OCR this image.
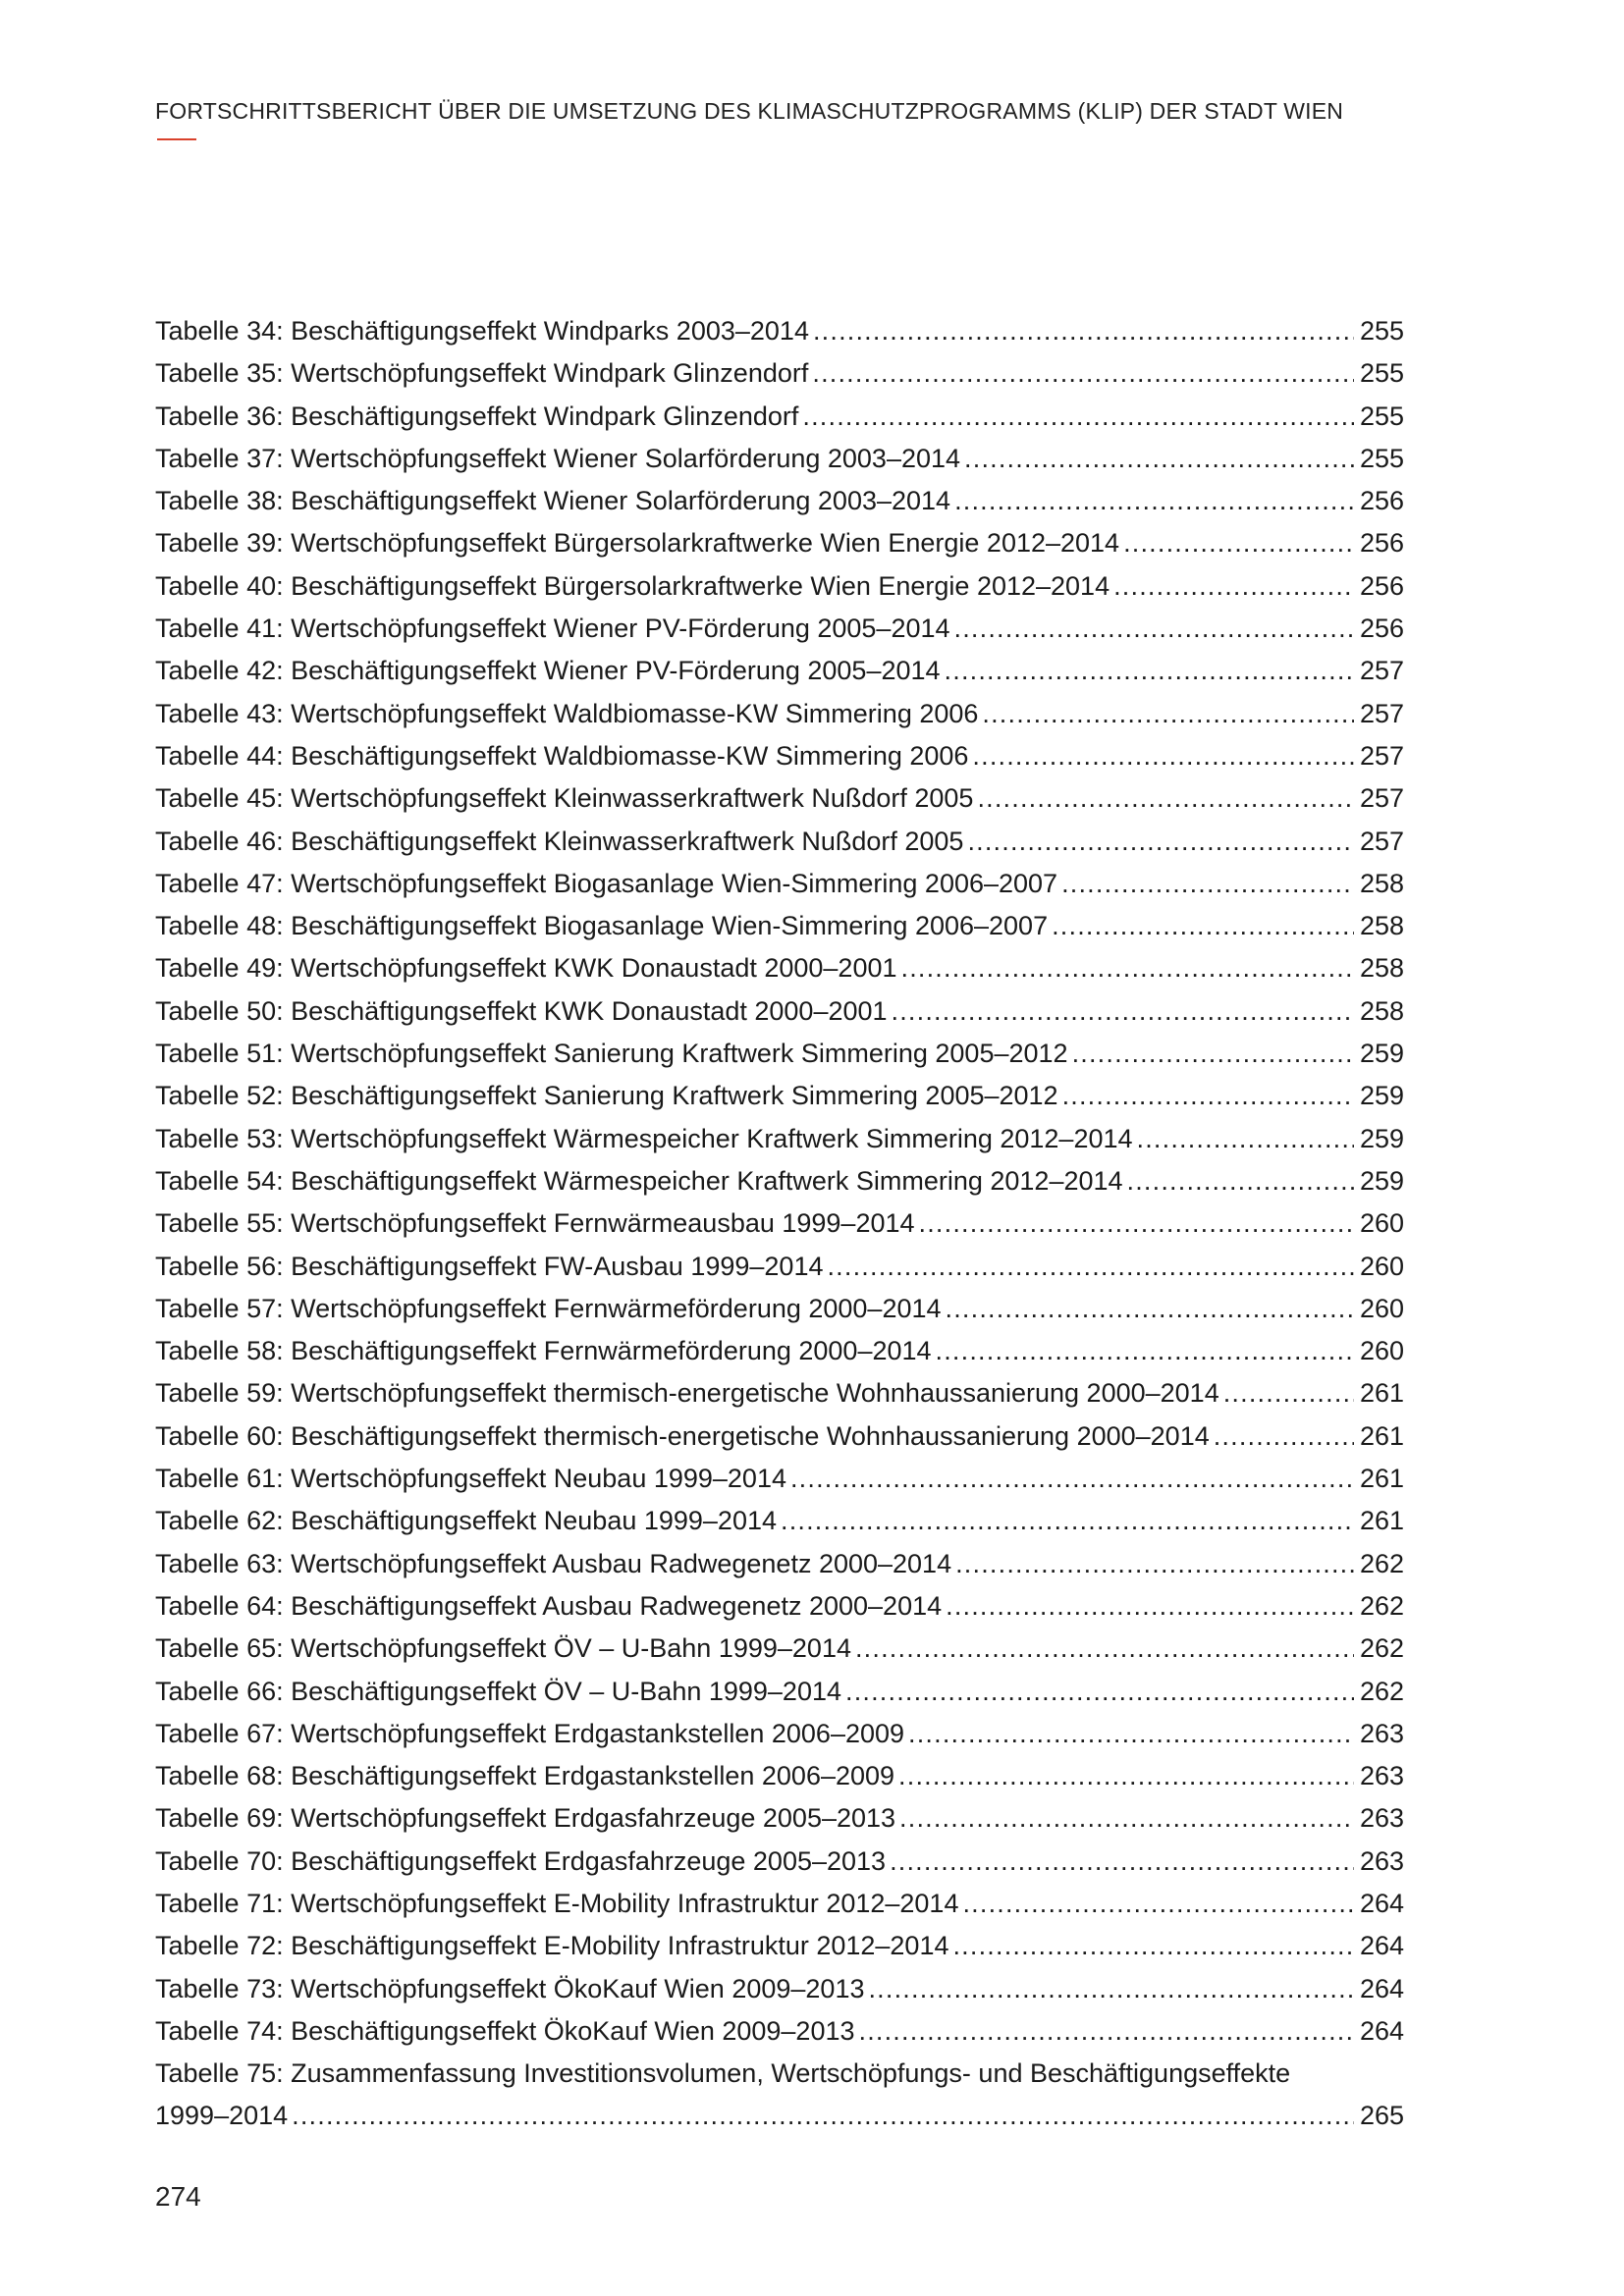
FORTSCHRITTSBERICHT ÜBER DIE UMSETZUNG DES KLIMASCHUTZPROGRAMMS (KLIP) DER STADT WIEN
Tabelle 34: Beschäftigungseffekt Windparks 2003–2014 .....	255
Tabelle 35: Wertschöpfungseffekt Windpark Glinzendorf .....	255
Tabelle 36: Beschäftigungseffekt Windpark Glinzendorf .....	255
Tabelle 37: Wertschöpfungseffekt Wiener Solarförderung 2003–2014 .....	255
Tabelle 38: Beschäftigungseffekt Wiener Solarförderung 2003–2014 .....	256
Tabelle 39: Wertschöpfungseffekt Bürgersolarkraftwerke Wien Energie 2012–2014 .....	256
Tabelle 40: Beschäftigungseffekt Bürgersolarkraftwerke Wien Energie 2012–2014 .....	256
Tabelle 41: Wertschöpfungseffekt Wiener PV-Förderung 2005–2014 .....	256
Tabelle 42: Beschäftigungseffekt Wiener PV-Förderung 2005–2014 .....	257
Tabelle 43: Wertschöpfungseffekt Waldbiomasse-KW Simmering 2006 .....	257
Tabelle 44: Beschäftigungseffekt Waldbiomasse-KW Simmering 2006 .....	257
Tabelle 45: Wertschöpfungseffekt Kleinwasserkraftwerk Nußdorf 2005 .....	257
Tabelle 46: Beschäftigungseffekt Kleinwasserkraftwerk Nußdorf 2005 .....	257
Tabelle 47: Wertschöpfungseffekt Biogasanlage Wien-Simmering 2006–2007 .....	258
Tabelle 48: Beschäftigungseffekt Biogasanlage Wien-Simmering 2006–2007 .....	258
Tabelle 49: Wertschöpfungseffekt KWK Donaustadt 2000–2001 .....	258
Tabelle 50: Beschäftigungseffekt KWK Donaustadt 2000–2001 .....	258
Tabelle 51: Wertschöpfungseffekt Sanierung Kraftwerk Simmering 2005–2012 .....	259
Tabelle 52: Beschäftigungseffekt Sanierung Kraftwerk Simmering 2005–2012 .....	259
Tabelle 53: Wertschöpfungseffekt Wärmespeicher Kraftwerk Simmering 2012–2014 .....	259
Tabelle 54: Beschäftigungseffekt Wärmespeicher Kraftwerk Simmering 2012–2014 .....	259
Tabelle 55: Wertschöpfungseffekt Fernwärmeausbau 1999–2014 .....	260
Tabelle 56: Beschäftigungseffekt FW-Ausbau 1999–2014 .....	260
Tabelle 57: Wertschöpfungseffekt Fernwärmeförderung 2000–2014 .....	260
Tabelle 58: Beschäftigungseffekt Fernwärmeförderung 2000–2014 .....	260
Tabelle 59: Wertschöpfungseffekt thermisch-energetische Wohnhaussanierung 2000–2014 .....	261
Tabelle 60: Beschäftigungseffekt thermisch-energetische Wohnhaussanierung 2000–2014 .....	261
Tabelle 61: Wertschöpfungseffekt Neubau 1999–2014 .....	261
Tabelle 62: Beschäftigungseffekt Neubau 1999–2014 .....	261
Tabelle 63: Wertschöpfungseffekt Ausbau Radwegenetz 2000–2014 .....	262
Tabelle 64: Beschäftigungseffekt Ausbau Radwegenetz 2000–2014 .....	262
Tabelle 65: Wertschöpfungseffekt ÖV – U-Bahn 1999–2014 .....	262
Tabelle 66: Beschäftigungseffekt ÖV – U-Bahn 1999–2014 .....	262
Tabelle 67: Wertschöpfungseffekt Erdgastankstellen 2006–2009 .....	263
Tabelle 68: Beschäftigungseffekt Erdgastankstellen 2006–2009 .....	263
Tabelle 69: Wertschöpfungseffekt Erdgasfahrzeuge 2005–2013 .....	263
Tabelle 70: Beschäftigungseffekt Erdgasfahrzeuge 2005–2013 .....	263
Tabelle 71: Wertschöpfungseffekt E-Mobility Infrastruktur 2012–2014 .....	264
Tabelle 72: Beschäftigungseffekt E-Mobility Infrastruktur 2012–2014 .....	264
Tabelle 73: Wertschöpfungseffekt ÖkoKauf Wien 2009–2013 .....	264
Tabelle 74: Beschäftigungseffekt ÖkoKauf Wien 2009–2013 .....	264
Tabelle 75: Zusammenfassung Investitionsvolumen, Wertschöpfungs- und Beschäftigungseffekte
1999–2014 .....	265
274
